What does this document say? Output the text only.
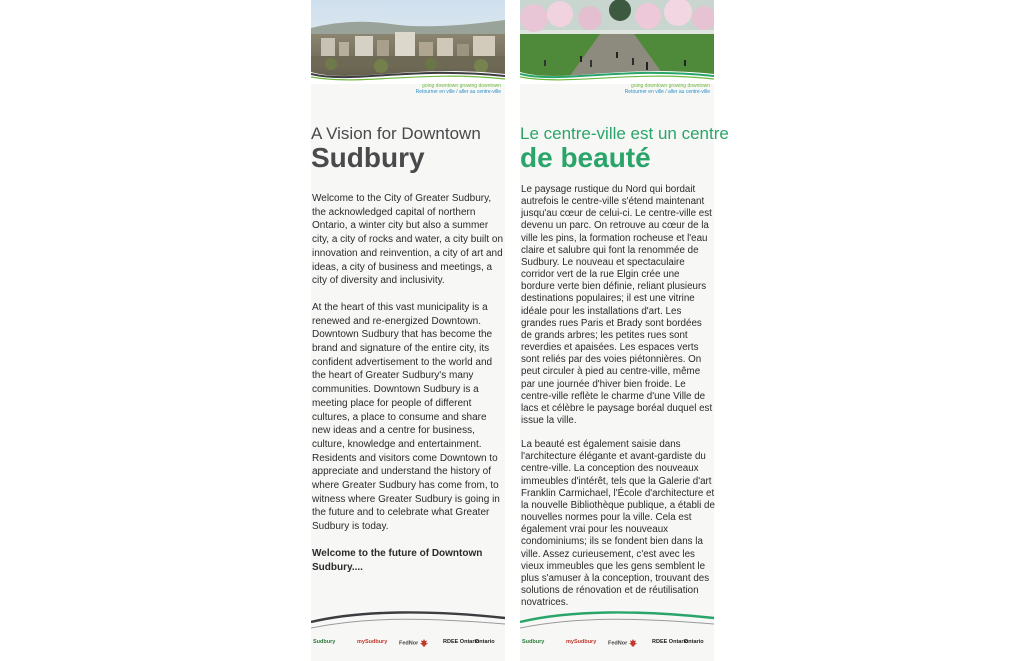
going downtown growing downtown
Retourner en ville / aller au centre-ville
A Vision for Downtown
Sudbury

Welcome to the City of Greater Sudbury, the acknowledged capital of northern Ontario, a winter city but also a summer city, a city of rocks and water, a city built on innovation and reinvention, a city of art and ideas, a city of business and meetings, a city of diversity and inclusivity.

At the heart of this vast municipality is a renewed and re-energized Downtown. Downtown Sudbury that has become the brand and signature of the entire city, its confident advertisement to the world and the heart of Greater Sudbury's many communities. Downtown Sudbury is a meeting place for people of different cultures, a place to consume and share new ideas and a centre for business, culture, knowledge and entertainment. Residents and visitors come Downtown to appreciate and understand the history of where Greater Sudbury has come from, to witness where Greater Sudbury is going in the future and to celebrate what Greater Sudbury is today.

Welcome to the future of Downtown Sudbury....

Sudbury	mySudbury FedNor	RDEE Ontario
Ontario
going downtown growing downtown
Retourner en ville / aller au centre-ville
Le centre-ville est un centre
de beauté

Le paysage rustique du Nord qui bordait autrefois le centre-ville s'étend maintenant jusqu'au cœur de celui-ci. Le centre-ville est devenu un parc. On retrouve au cœur de la ville les pins, la formation rocheuse et l'eau claire et salubre qui font la renommée de Sudbury. Le nouveau et spectaculaire corridor vert de la rue Elgin crée une bordure verte bien définie, reliant plusieurs destinations populaires; il est une vitrine idéale pour les installations d'art. Les grandes rues Paris et Brady sont bordées de grands arbres; les petites rues sont reverdies et apaisées. Les espaces verts sont reliés par des voies piétonnières. On peut circuler à pied au centre-ville, même par une journée d'hiver bien froide. Le centre-ville reflète le charme d'une Ville de lacs et célèbre le paysage boréal duquel est issue la ville.

La beauté est également saisie dans l'architecture élégante et avant-gardiste du centre-ville. La conception des nouveaux immeubles d'intérêt, tels que la Galerie d'art Franklin Carmichael, l'École d'architecture et la nouvelle Bibliothèque publique, a établi de nouvelles normes pour la ville. Cela est également vrai pour les nouveaux condominiums; ils se fondent bien dans la ville. Assez curieusement, c'est avec les vieux immeubles que les gens semblent le plus s'amuser à la conception, trouvant des solutions de rénovation et de réutilisation novatrices.

Sudbury	mySudbury FedNor	RDEE Ontario
Ontario
